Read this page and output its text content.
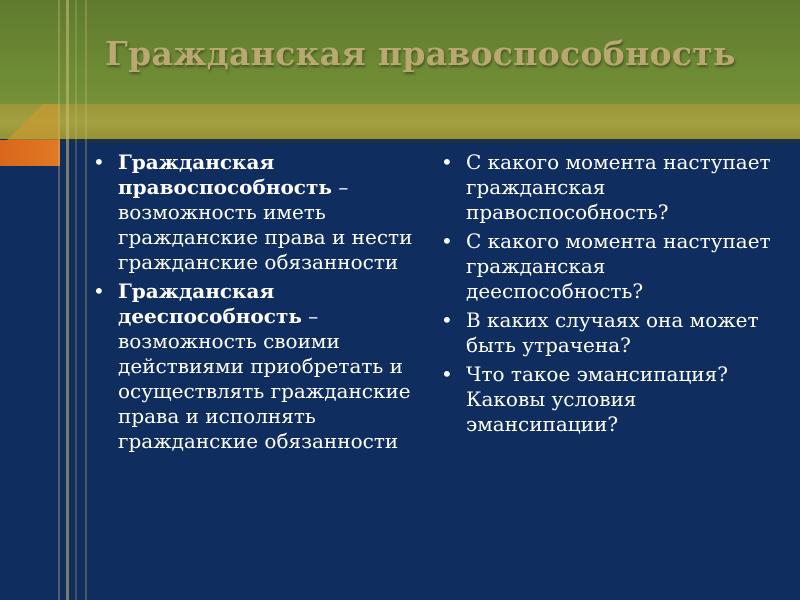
Гражданская правоспособность
• Гражданская правоспособность – возможность иметь гражданские права и нести гражданские обязанности
• Гражданская дееспособность – возможность своими действиями приобретать и осуществлять гражданские права и исполнять гражданские обязанности
• С какого момента наступает гражданская правоспособность?
• С какого момента наступает гражданская дееспособность?
• В каких случаях она может быть утрачена?
• Что такое эмансипация? Каковы условия эмансипации?
